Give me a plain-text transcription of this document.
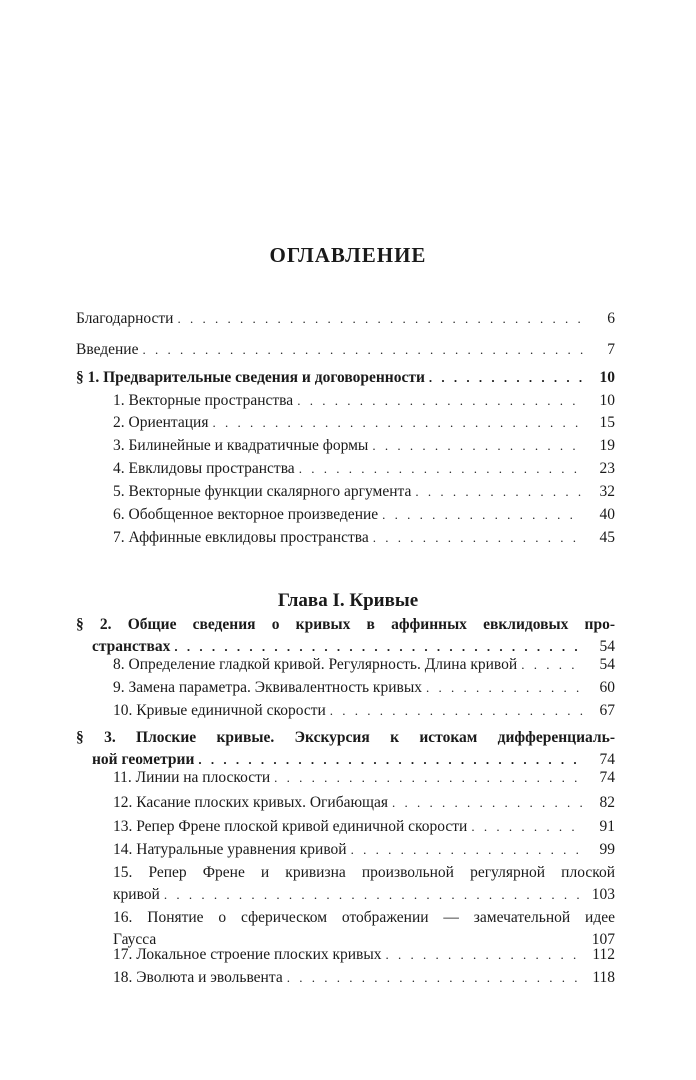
ОГЛАВЛЕНИЕ
Благодарности . . .	6
Введение . . .	7
§ 1. Предварительные сведения и договоренности . . .	10
1. Векторные пространства . . .	10
2. Ориентация . . .	15
3. Билинейные и квадратичные формы . . .	19
4. Евклидовы пространства . . .	23
5. Векторные функции скалярного аргумента . . .	32
6. Обобщенное векторное произведение . . .	40
7. Аффинные евклидовы пространства . . .	45
Глава I. Кривые
§ 2. Общие сведения о кривых в аффинных евклидовых про-
странствах . . .	54
8. Определение гладкой кривой. Регулярность. Длина кривой . . .	54
9. Замена параметра. Эквивалентность кривых . . .	60
10. Кривые единичной скорости . . .	67
§ 3. Плоские кривые. Экскурсия к истокам дифференциаль-
ной геометрии . . .	74
11. Линии на плоскости . . .	74
12. Касание плоских кривых. Огибающая . . .	82
13. Репер Френе плоской кривой единичной скорости . . .	91
14. Натуральные уравнения кривой . . .	99
15. Репер Френе и кривизна произвольной регулярной плоской
кривой . . .	103
16. Понятие о сферическом отображении — замечательной идее
Гаусса	107
17. Локальное строение плоских кривых . . .	112
18. Эволюта и эвольвента . . .	118
